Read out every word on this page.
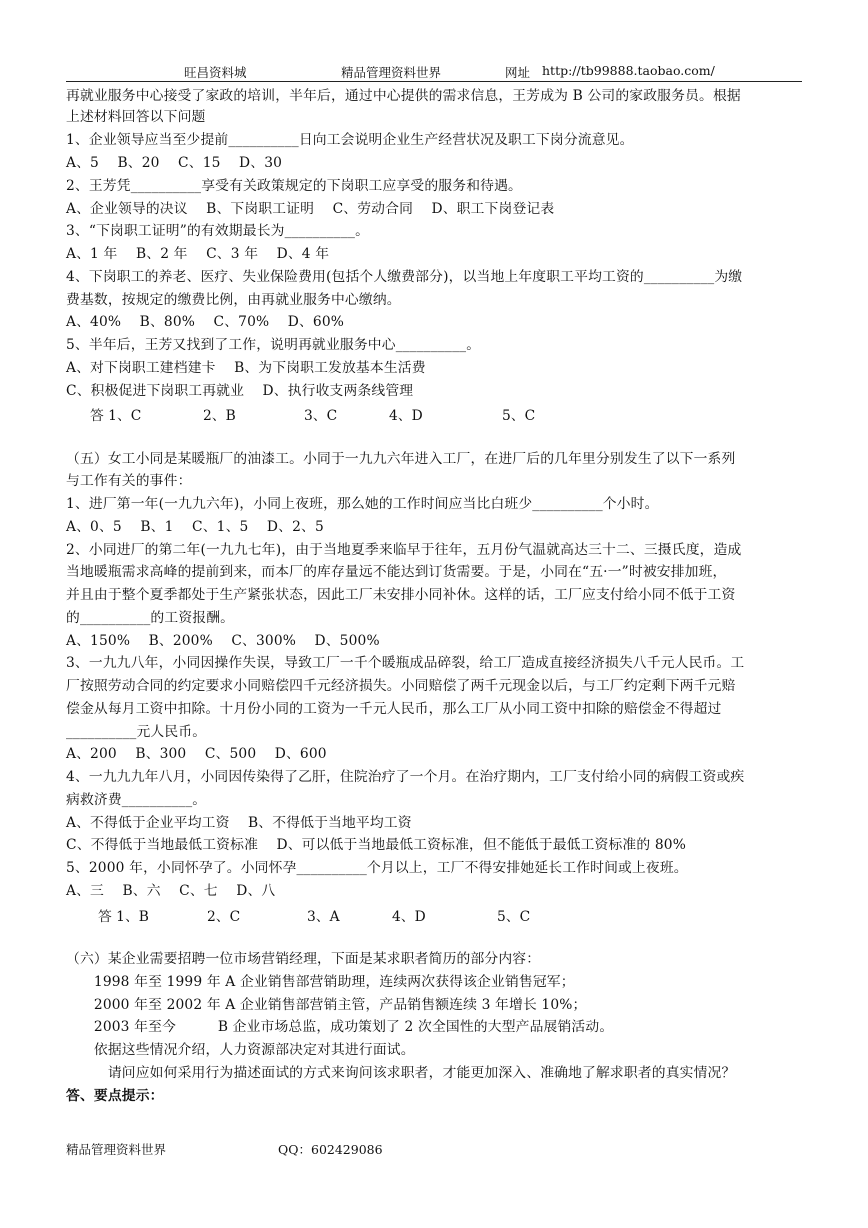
旺昌资料城	精品管理资料世界	网址 http://tb99888.taobao.com/
再就业服务中心接受了家政的培训，半年后，通过中心提供的需求信息，王芳成为 B 公司的家政服务员。根据
上述材料回答以下问题
1、企业领导应当至少提前__________日向工会说明企业生产经营状况及职工下岗分流意见。
A、5　 B、20　 C、15　 D、30
2、王芳凭__________享受有关政策规定的下岗职工应享受的服务和待遇。
A、企业领导的决议　 B、下岗职工证明　 C、劳动合同　 D、职工下岗登记表
3、“下岗职工证明”的有效期最长为__________。
A、1 年　 B、2 年　 C、3 年　 D、4 年
4、下岗职工的养老、医疗、失业保险费用(包括个人缴费部分)，以当地上年度职工平均工资的__________为缴
费基数，按规定的缴费比例，由再就业服务中心缴纳。
A、40%　 B、80%　 C、70%　 D、60%
5、半年后，王芳又找到了工作，说明再就业服务中心__________。
A、对下岗职工建档建卡　 B、为下岗职工发放基本生活费
C、积极促进下岗职工再就业　 D、执行收支两条线管理
答 1、C	2、B	3、C	4、D	5、C
（五）女工小同是某暖瓶厂的油漆工。小同于一九九六年进入工厂，在进厂后的几年里分别发生了以下一系列
与工作有关的事件：
1、进厂第一年(一九九六年)，小同上夜班，那么她的工作时间应当比白班少__________个小时。
A、0、5　 B、1　 C、1、5　 D、2、5
2、小同进厂的第二年(一九九七年)，由于当地夏季来临早于往年，五月份气温就高达三十二、三摄氏度，造成
当地暖瓶需求高峰的提前到来，而本厂的库存量远不能达到订货需要。于是，小同在“五·一”时被安排加班，
并且由于整个夏季都处于生产紧张状态，因此工厂未安排小同补休。这样的话，工厂应支付给小同不低于工资
的__________的工资报酬。
A、150%　 B、200%　 C、300%　 D、500%
3、一九九八年，小同因操作失误，导致工厂一千个暖瓶成品碎裂，给工厂造成直接经济损失八千元人民币。工
厂按照劳动合同的约定要求小同赔偿四千元经济损失。小同赔偿了两千元现金以后，与工厂约定剩下两千元赔
偿金从每月工资中扣除。十月份小同的工资为一千元人民币，那么工厂从小同工资中扣除的赔偿金不得超过
__________元人民币。
A、200　 B、300　 C、500　 D、600
4、一九九九年八月，小同因传染得了乙肝，住院治疗了一个月。在治疗期内，工厂支付给小同的病假工资或疾
病救济费__________。
A、不得低于企业平均工资　 B、不得低于当地平均工资
C、不得低于当地最低工资标准　 D、可以低于当地最低工资标准，但不能低于最低工资标准的 80%
5、2000 年，小同怀孕了。小同怀孕__________个月以上，工厂不得安排她延长工作时间或上夜班。
A、三　 B、六　 C、七　 D、八
答 1、B	2、C	3、A	4、D	5、C
（六）某企业需要招聘一位市场营销经理，下面是某求职者简历的部分内容：
　　1998 年至 1999 年 A 企业销售部营销助理，连续两次获得该企业销售冠军；
　　2000 年至 2002 年 A 企业销售部营销主管，产品销售额连续 3 年增长 10%；
　　2003 年至今　　　B 企业市场总监，成功策划了 2 次全国性的大型产品展销活动。
　　依据这些情况介绍，人力资源部决定对其进行面试。
　　　请问应如何采用行为描述面试的方式来询问该求职者，才能更加深入、准确地了解求职者的真实情况？
答、要点提示：
精品管理资料世界	QQ：602429086
